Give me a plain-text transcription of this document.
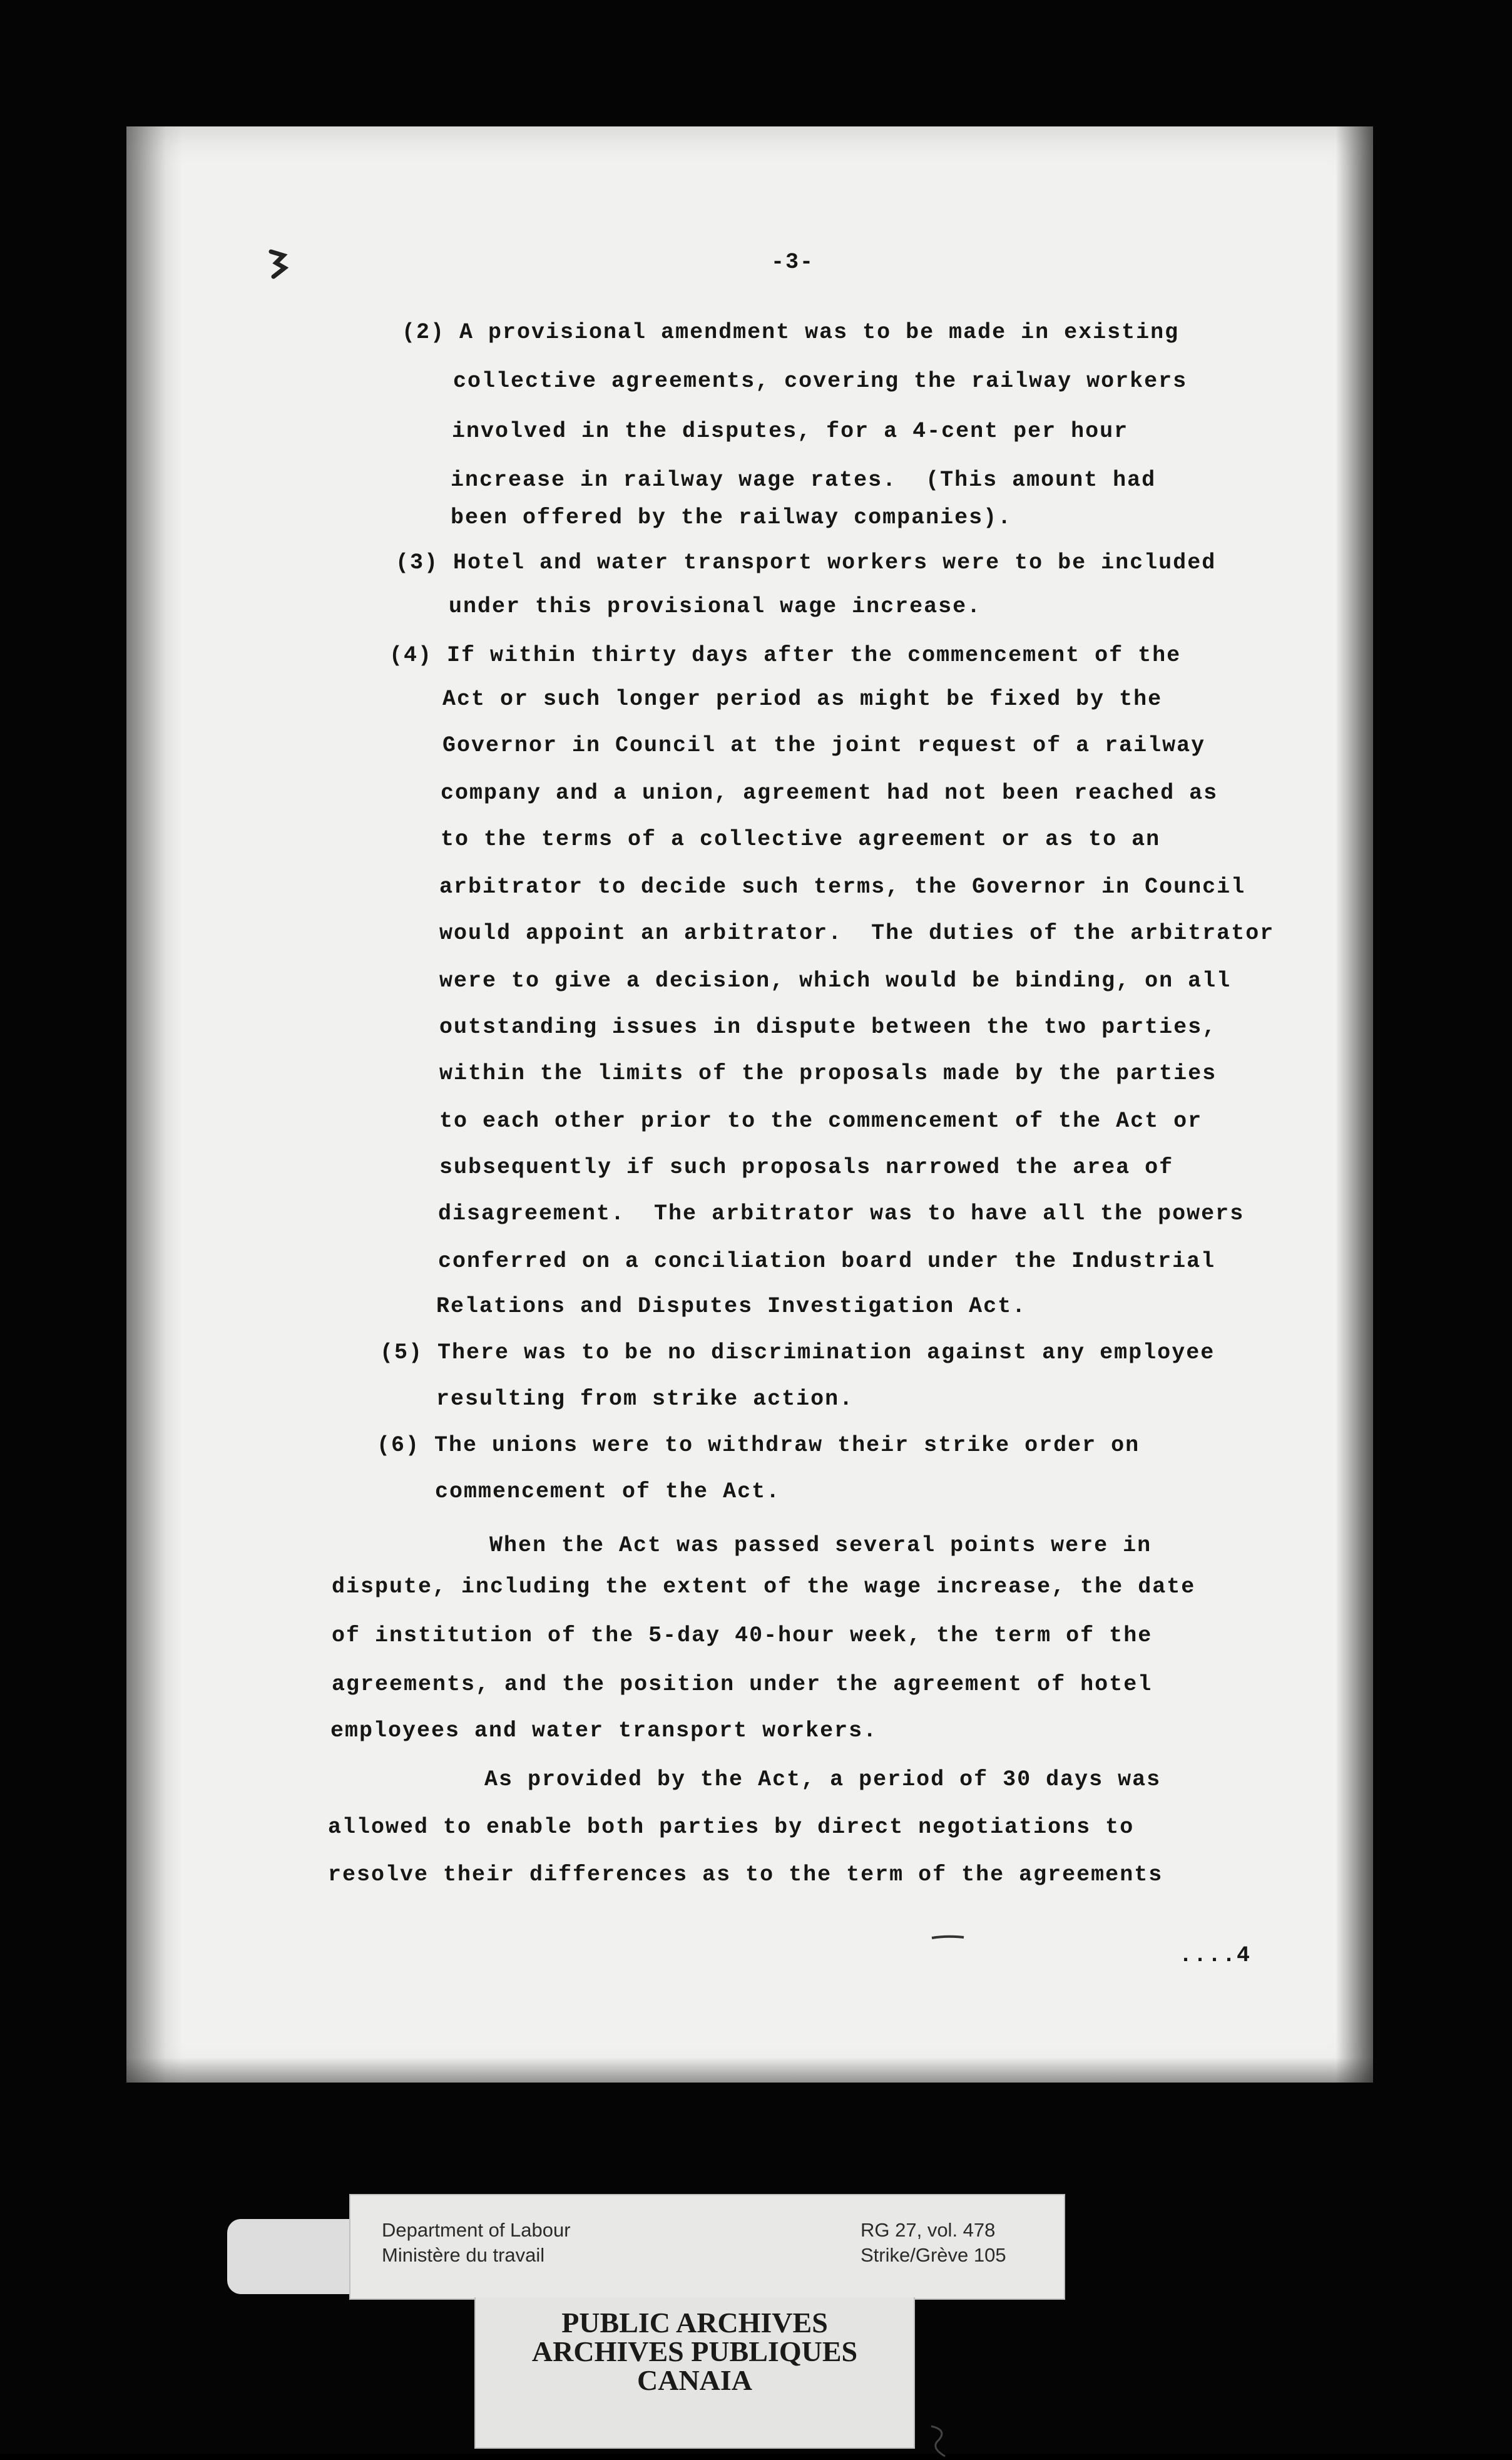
-3-
(2) A provisional amendment was to be made in existing
collective agreements, covering the railway workers
involved in the disputes, for a 4-cent per hour
increase in railway wage rates.  (This amount had
been offered by the railway companies).
(3) Hotel and water transport workers were to be included
under this provisional wage increase.
(4) If within thirty days after the commencement of the
Act or such longer period as might be fixed by the
Governor in Council at the joint request of a railway
company and a union, agreement had not been reached as
to the terms of a collective agreement or as to an
arbitrator to decide such terms, the Governor in Council
would appoint an arbitrator.  The duties of the arbitrator
were to give a decision, which would be binding, on all
outstanding issues in dispute between the two parties,
within the limits of the proposals made by the parties
to each other prior to the commencement of the Act or
subsequently if such proposals narrowed the area of
disagreement.  The arbitrator was to have all the powers
conferred on a conciliation board under the Industrial
Relations and Disputes Investigation Act.
(5) There was to be no discrimination against any employee
resulting from strike action.
(6) The unions were to withdraw their strike order on
commencement of the Act.
When the Act was passed several points were in
dispute, including the extent of the wage increase, the date
of institution of the 5-day 40-hour week, the term of the
agreements, and the position under the agreement of hotel
employees and water transport workers.
As provided by the Act, a period of 30 days was
allowed to enable both parties by direct negotiations to
resolve their differences as to the term of the agreements
....4
Department of Labour
Ministère du travail
RG 27, vol. 478
Strike/Grève 105
PUBLIC ARCHIVES
ARCHIVES PUBLIQUES
CANAIA
